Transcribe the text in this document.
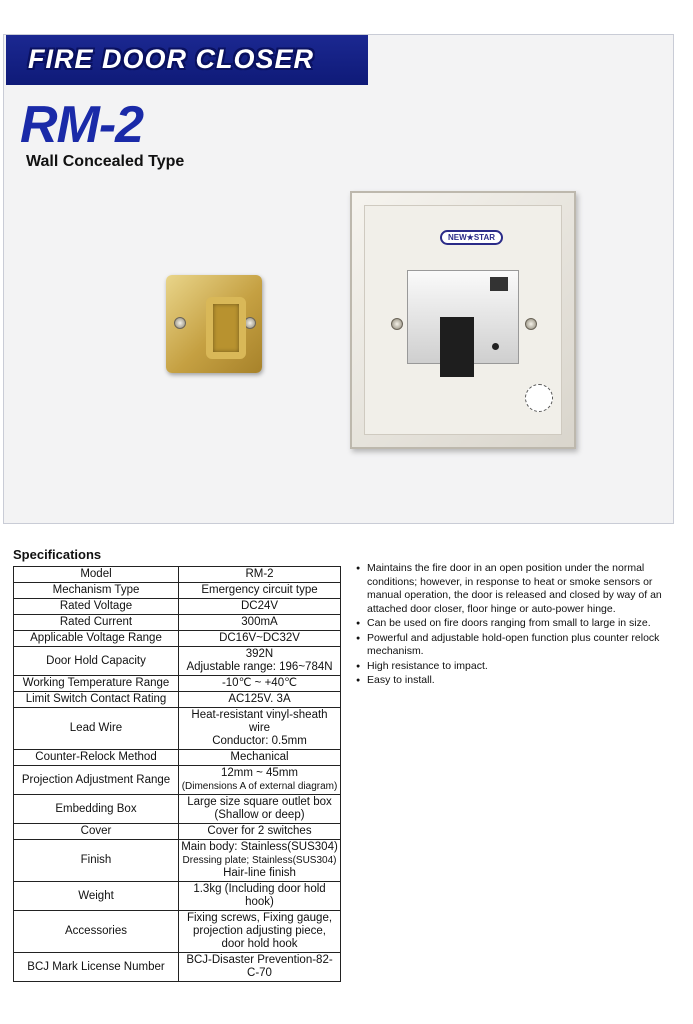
FIRE DOOR CLOSER
RM-2
Wall Concealed Type
NEW★STAR
Specifications
Model	RM-2

Mechanism Type	Emergency circuit type

Rated Voltage	DC24V

Rated Current	300mA

Applicable Voltage Range	DC16V~DC32V

Door Hold Capacity	392N
Adjustable range: 196~784N

Working Temperature Range	-10℃ ~ +40℃

Limit Switch Contact Rating	AC125V. 3A

Lead Wire	Heat-resistant vinyl-sheath wire
Conductor: 0.5mm

Counter-Relock Method	Mechanical

Projection Adjustment Range	12mm ~ 45mm
(Dimensions A of external diagram)

Embedding Box	Large size square outlet box
(Shallow or deep)

Cover	Cover for 2 switches

Finish	Main body: Stainless(SUS304)
Dressing plate; Stainless(SUS304)
Hair-line finish

Weight	1.3kg (Including door hold hook)

Accessories	Fixing screws, Fixing gauge,
projection adjusting piece,
door hold hook

BCJ Mark License Number	BCJ-Disaster Prevention-82-C-70
● Maintains the fire door in an open position under the normal conditions; however, in response to heat or smoke sensors or manual operation, the door is released and closed by way of an attached door closer, floor hinge or auto-power hinge.
● Can be used on fire doors ranging from small to large in size.
● Powerful and adjustable hold-open function plus counter relock mechanism.
● High resistance to impact.
● Easy to install.
